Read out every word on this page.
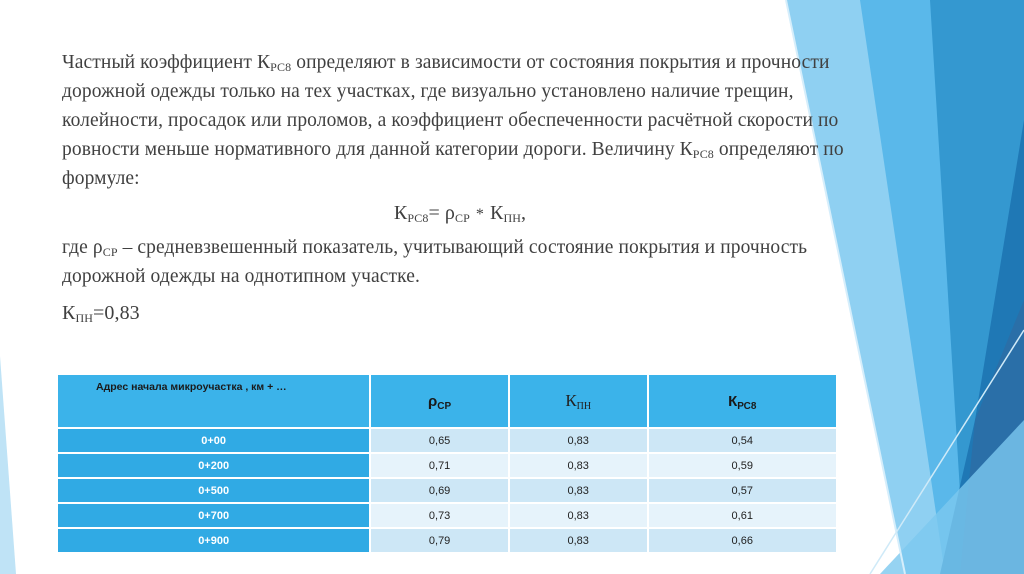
Частный коэффициент $К_{РС8}$ определяют в зависимости от состояния покрытия и прочности дорожной одежды только на тех участках, где визуально установлено наличие трещин, колейности, просадок или проломов, а коэффициент обеспеченности расчётной скорости по ровности меньше нормативного для данной категории дороги. Величину $К_{РС8}$ определяют по формуле:

$К_{РС8}= \rho_{СР} * К_{ПН}$,

где $\rho_{СР}$ – средневзвешенный показатель, учитывающий состояние покрытия и прочность дорожной одежды на однотипном участке.

$К_{ПН}=0,83$

Адрес начала микроучастка , км + …	$\rho_{СР}$	$К_{ПН}$	$К_{РС8}$
0+00	0,65	0,83	0,54
0+200	0,71	0,83	0,59
0+500	0,69	0,83	0,57
0+700	0,73	0,83	0,61
0+900	0,79	0,83	0,66
